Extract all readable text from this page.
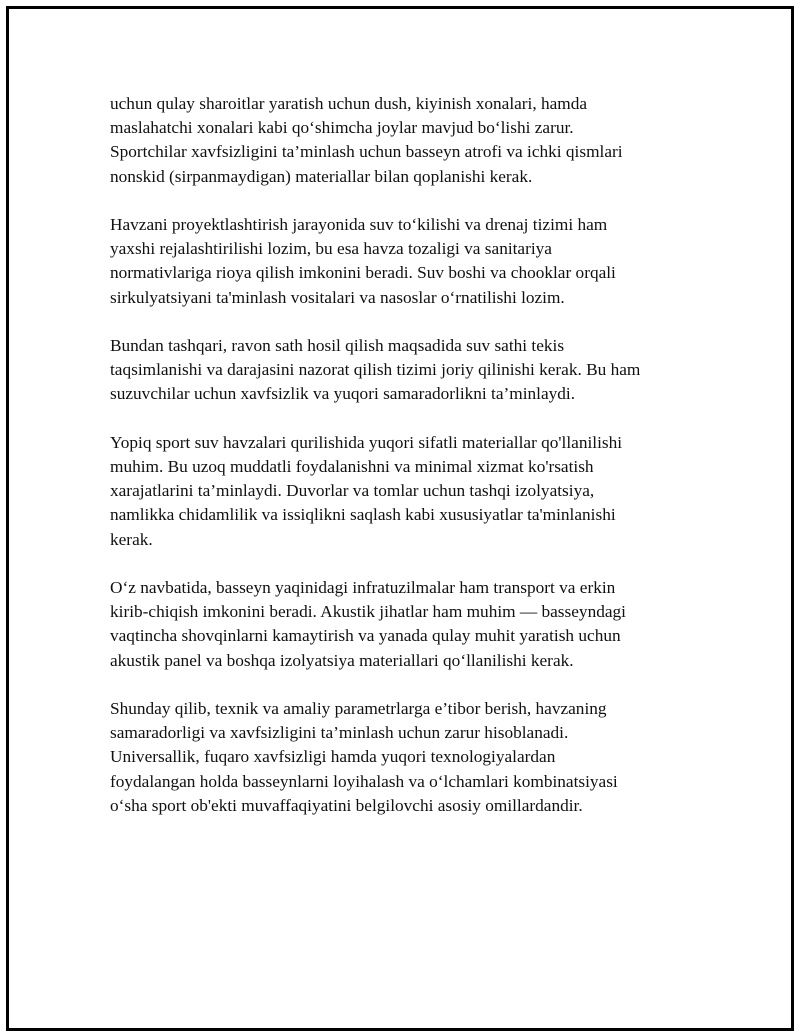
uchun qulay sharoitlar yaratish uchun dush, kiyinish xonalari, hamda
maslahatchi xonalari kabi qo‘shimcha joylar mavjud bo‘lishi zarur.
Sportchilar xavfsizligini ta’minlash uchun basseyn atrofi va ichki qismlari
nonskid (sirpanmaydigan) materiallar bilan qoplanishi kerak.

Havzani proyektlashtirish jarayonida suv to‘kilishi va drenaj tizimi ham
yaxshi rejalashtirilishi lozim, bu esa havza tozaligi va sanitariya
normativlariga rioya qilish imkonini beradi. Suv boshi va chooklar orqali
sirkulyatsiyani ta'minlash vositalari va nasoslar o‘rnatilishi lozim.

Bundan tashqari, ravon sath hosil qilish maqsadida suv sathi tekis
taqsimlanishi va darajasini nazorat qilish tizimi joriy qilinishi kerak. Bu ham
suzuvchilar uchun xavfsizlik va yuqori samaradorlikni ta’minlaydi.

Yopiq sport suv havzalari qurilishida yuqori sifatli materiallar qo'llanilishi
muhim. Bu uzoq muddatli foydalanishni va minimal xizmat ko'rsatish
xarajatlarini ta’minlaydi. Duvorlar va tomlar uchun tashqi izolyatsiya,
namlikka chidamlilik va issiqlikni saqlash kabi xususiyatlar ta'minlanishi
kerak.

O‘z navbatida, basseyn yaqinidagi infratuzilmalar ham transport va erkin
kirib-chiqish imkonini beradi. Akustik jihatlar ham muhim — basseyndagi
vaqtincha shovqinlarni kamaytirish va yanada qulay muhit yaratish uchun
akustik panel va boshqa izolyatsiya materiallari qo‘llanilishi kerak.

Shunday qilib, texnik va amaliy parametrlarga e’tibor berish, havzaning
samaradorligi va xavfsizligini ta’minlash uchun zarur hisoblanadi.
Universallik, fuqaro xavfsizligi hamda yuqori texnologiyalardan
foydalangan holda basseynlarni loyihalash va o‘lchamlari kombinatsiyasi
o‘sha sport ob'ekti muvaffaqiyatini belgilovchi asosiy omillardandir.
